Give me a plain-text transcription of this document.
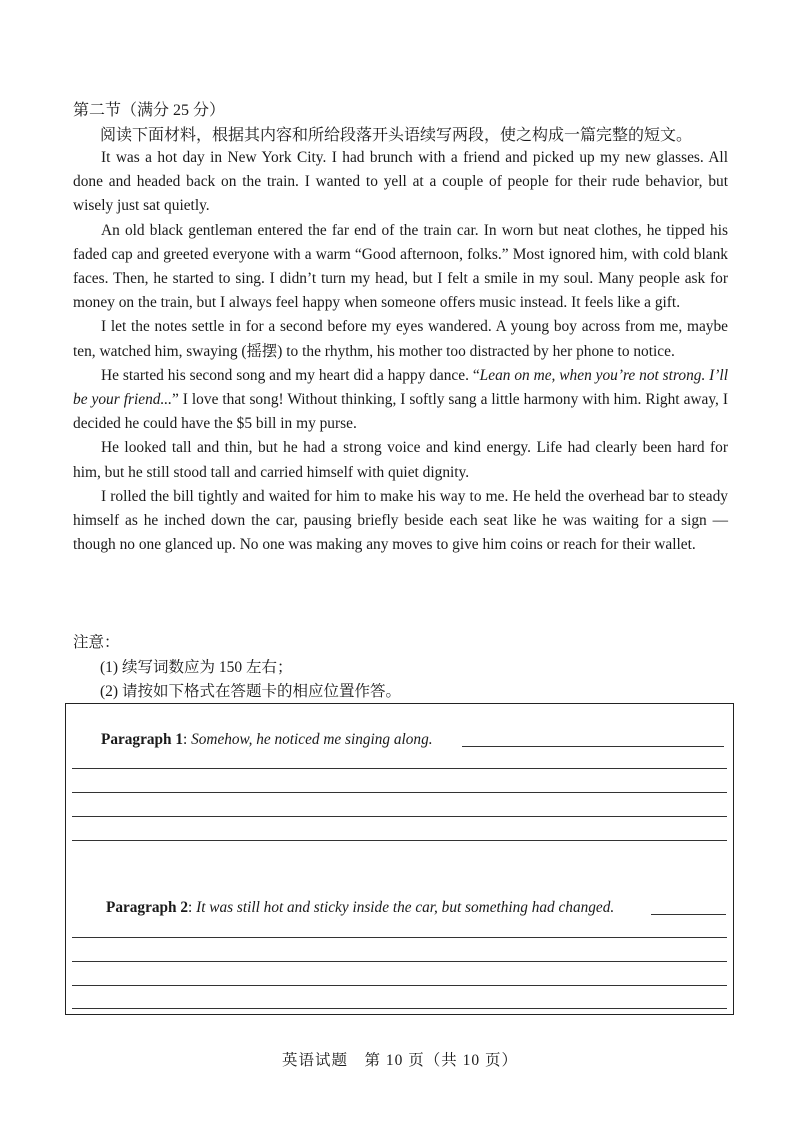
第二节（满分 25 分）
阅读下面材料，根据其内容和所给段落开头语续写两段，使之构成一篇完整的短文。

It was a hot day in New York City. I had brunch with a friend and picked up my new glasses. All done and headed back on the train. I wanted to yell at a couple of people for their rude behavior, but wisely just sat quietly.

An old black gentleman entered the far end of the train car. In worn but neat clothes, he tipped his faded cap and greeted everyone with a warm “Good afternoon, folks.” Most ignored him, with cold blank faces. Then, he started to sing. I didn’t turn my head, but I felt a smile in my soul. Many people ask for money on the train, but I always feel happy when someone offers music instead. It feels like a gift.

I let the notes settle in for a second before my eyes wandered. A young boy across from me, maybe ten, watched him, swaying (摇摆) to the rhythm, his mother too distracted by her phone to notice.

He started his second song and my heart did a happy dance. “Lean on me, when you’re not strong. I’ll be your friend...” I love that song! Without thinking, I softly sang a little harmony with him. Right away, I decided he could have the $5 bill in my purse.

He looked tall and thin, but he had a strong voice and kind energy. Life had clearly been hard for him, but he still stood tall and carried himself with quiet dignity.

I rolled the bill tightly and waited for him to make his way to me. He held the overhead bar to steady himself as he inched down the car, pausing briefly beside each seat like he was waiting for a sign — though no one glanced up. No one was making any moves to give him coins or reach for their wallet.

注意：
(1) 续写词数应为 150 左右；
(2) 请按如下格式在答题卡的相应位置作答。
Paragraph 1: Somehow, he noticed me singing along.
Paragraph 2: It was still hot and sticky inside the car, but something had changed.
英语试题　第 10 页（共 10 页）
